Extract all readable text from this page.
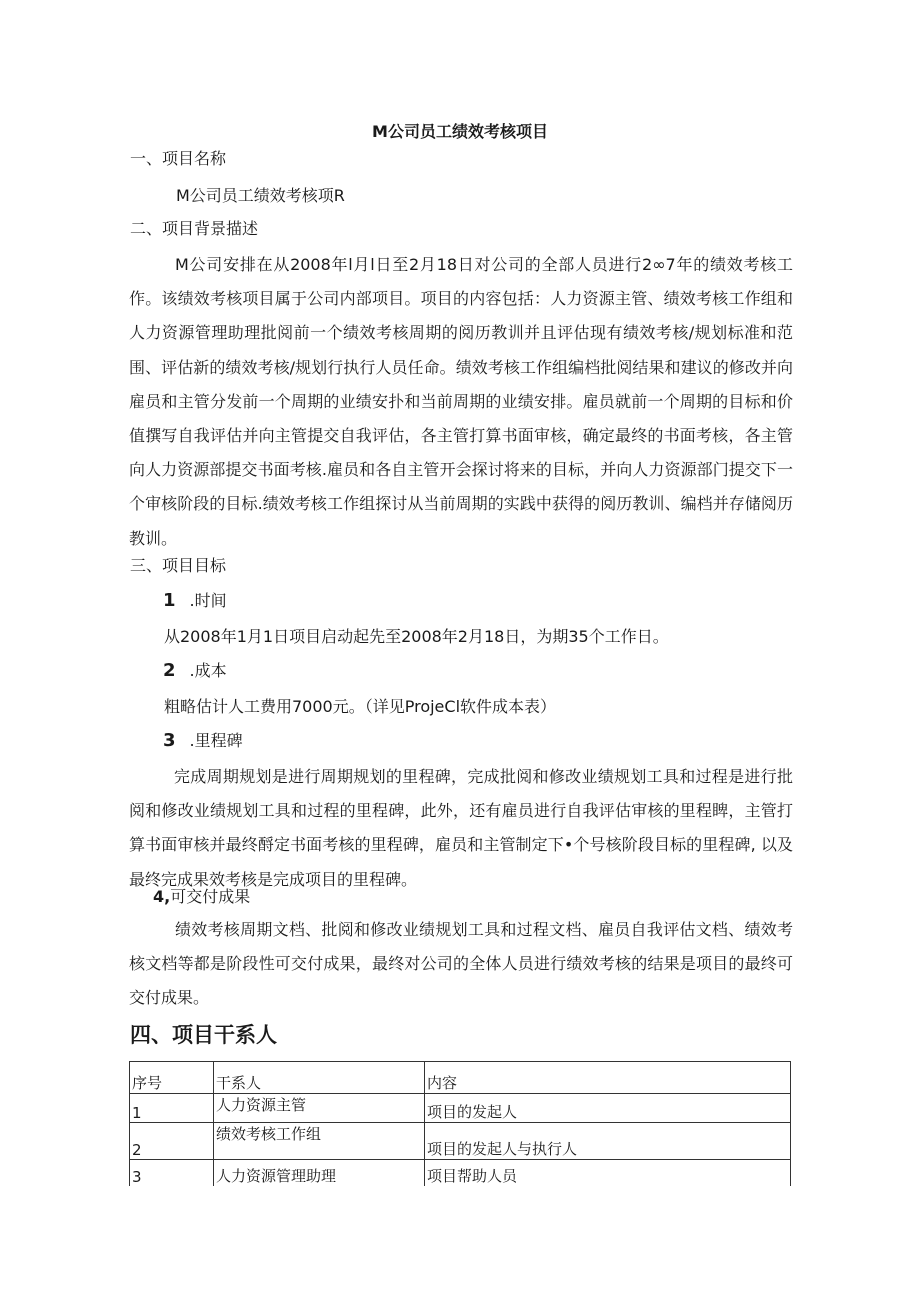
M公司员工绩效考核项目
一、项目名称
M公司员工绩效考核项R
二、项目背景描述

M公司安排在从2008年l月l日至2月18日对公司的全部人员进行2∞7年的绩效考核工作。该绩效考核项目属于公司内部项目。项目的内容包括：人力资源主管、绩效考核工作组和人力资源管理助理批阅前一个绩效考核周期的阅历教训并且评估现有绩效考核/规划标准和范围、评估新的绩效考核/规划行执行人员任命。绩效考核工作组编档批阅结果和建议的修改并向雇员和主管分发前一个周期的业绩安扑和当前周期的业绩安排。雇员就前一个周期的目标和价值撰写自我评估并向主管提交自我评估，各主管打算书面审核，确定最终的书面考核，各主管向人力资源部提交书面考核.雇员和各自主管开会探讨将来的目标，并向人力资源部门提交下一个审核阶段的目标.绩效考核工作组探讨从当前周期的实践中获得的阅历教训、编档并存储阅历教训。

三、项目目标
1 .时间
从2008年1月1日项目启动起先至2008年2月18日，为期35个工作日。
2 .成本
粗略估计人工费用7000元。（详见ProjeCl软件成本表）
3 .里程碑

完成周期规划是进行周期规划的里程碑，完成批阅和修改业绩规划工具和过程是进行批阅和修改业绩规划工具和过程的里程碑，此外，还有雇员进行自我评估审核的里程睥，主管打算书面审核并最终酹定书面考核的里程碑，雇员和主管制定下•个号核阶段目标的里程碑, 以及最终完成果效考核是完成项目的里程碑。

4,可交付成果

绩效考核周期文档、批阅和修改业绩规划工具和过程文档、雇员自我评估文档、绩效考核文档等都是阶段性可交付成果，最终对公司的全体人员进行绩效考核的结果是项目的最终可交付成果。

四、项目干系人
序号	干系人	内容
1	人力资源主管	项目的发起人
2	绩效考核工作组	项目的发起人与执行人
3	人力资源管理助理	项目帮助人员
